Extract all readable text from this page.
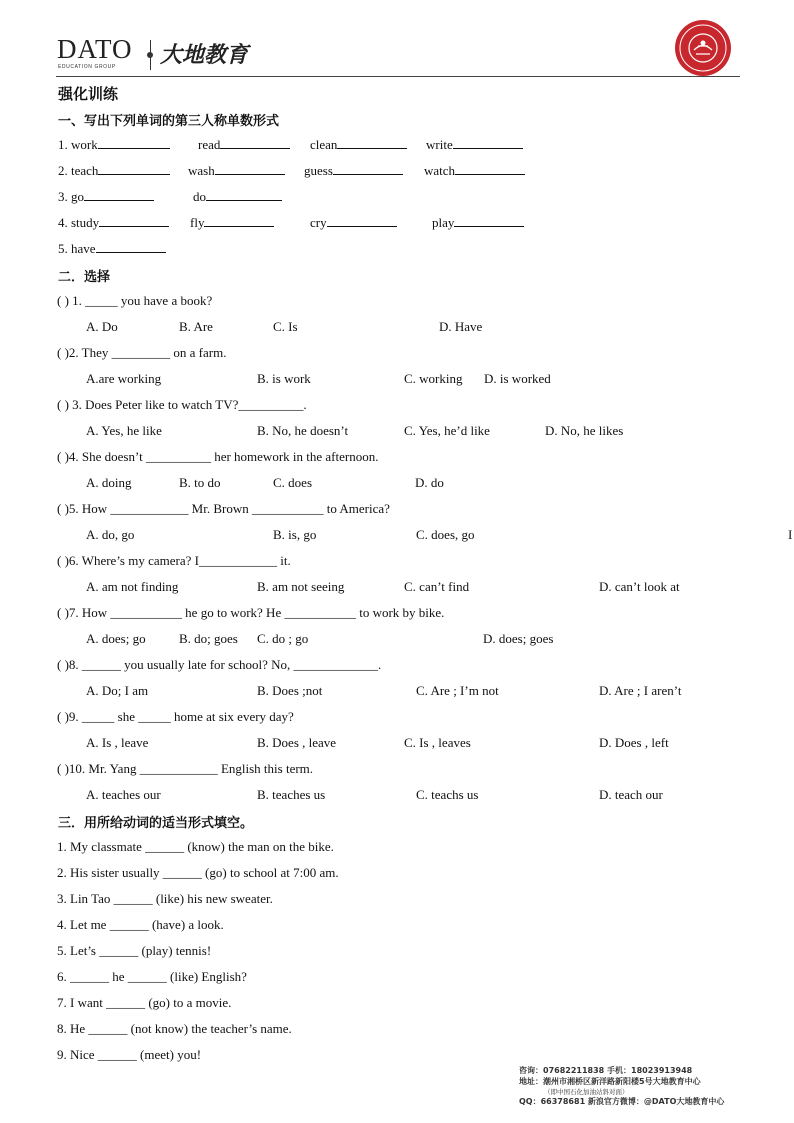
DATO
EDUCATION GROUP 大地教育
强化训练
一、写出下列单词的第三人称单数形式
1. work	read	clean	write
2. teach	wash	guess	watch
3. go	do
4. study	fly	cry	play
5. have
二．选择
( ) 1. _____ you have a book?
A. Do	B. Are	C. Is	D. Have
( )2. They _________ on a farm.
A.are working	B. is work	C. working D. is worked
( ) 3. Does Peter like to watch TV?__________.
A. Yes, he like	B. No, he doesn’t	C. Yes, he’d like	D. No, he likes
( )4. She doesn’t __________ her homework in the afternoon.
A. doing	B. to do	C. does	D. do
( )5. How ____________ Mr. Brown ___________ to America?
A. do, go	B. is, go	C. does, go	I
( )6. Where’s my camera? I____________ it.
A. am not finding	B. am not seeing	C. can’t find	D. can’t look at
( )7. How ___________ he go to work? He ___________ to work by bike.
A. does; go	B. do; goes C. do ; go	D. does; goes
( )8. ______ you usually late for school? No, _____________.
A. Do; I am	B. Does ;not	C. Are ; I’m not	D. Are ; I aren’t
( )9. _____ she _____ home at six every day?
A. Is , leave	B. Does , leave	C. Is , leaves	D. Does , left
( )10. Mr. Yang ____________ English this term.
A. teaches our	B. teaches us	C. teachs us	D. teach our
三．用所给动词的适当形式填空。
1. My classmate ______ (know) the man on the bike.
2. His sister usually ______ (go) to school at 7:00 am.
3. Lin Tao ______ (like) his new sweater.
4. Let me ______ (have) a look.
5. Let’s ______ (play) tennis!
6. ______ he ______ (like) English?
7. I want ______ (go) to a movie.
8. He ______ (not know) the teacher’s name.
9. Nice ______ (meet) you!
咨询：07682211838 手机：18023913948
地址：潮州市湘桥区新洋路新阳楼5号大地教育中心
（即中国石化加油站斜对面）
QQ：66378681 新浪官方微博：@DATO大地教育中心
